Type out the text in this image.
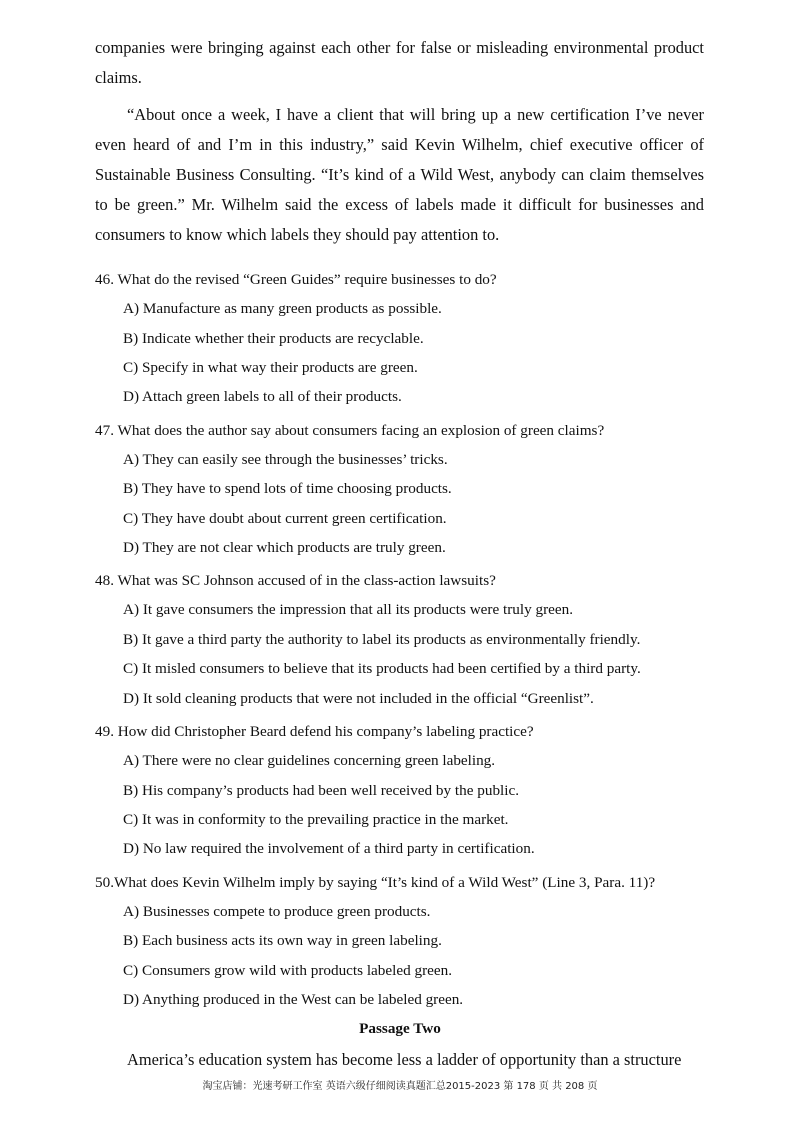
companies were bringing against each other for false or misleading environmental product claims.
“About once a week, I have a client that will bring up a new certification I’ve never even heard of and I’m in this industry,” said Kevin Wilhelm, chief executive officer of Sustainable Business Consulting. “It’s kind of a Wild West, anybody can claim themselves to be green.” Mr. Wilhelm said the excess of labels made it difficult for businesses and consumers to know which labels they should pay attention to.
46. What do the revised “Green Guides” require businesses to do?
A) Manufacture as many green products as possible.
B) Indicate whether their products are recyclable.
C) Specify in what way their products are green.
D) Attach green labels to all of their products.
47. What does the author say about consumers facing an explosion of green claims?
A) They can easily see through the businesses’ tricks.
B) They have to spend lots of time choosing products.
C) They have doubt about current green certification.
D) They are not clear which products are truly green.
48. What was SC Johnson accused of in the class-action lawsuits?
A) It gave consumers the impression that all its products were truly green.
B) It gave a third party the authority to label its products as environmentally friendly.
C) It misled consumers to believe that its products had been certified by a third party.
D) It sold cleaning products that were not included in the official “Greenlist”.
49. How did Christopher Beard defend his company’s labeling practice?
A) There were no clear guidelines concerning green labeling.
B) His company’s products had been well received by the public.
C) It was in conformity to the prevailing practice in the market.
D) No law required the involvement of a third party in certification.
50.What does Kevin Wilhelm imply by saying “It’s kind of a Wild West” (Line 3, Para. 11)?
A) Businesses compete to produce green products.
B) Each business acts its own way in green labeling.
C) Consumers grow wild with products labeled green.
D) Anything produced in the West can be labeled green.
Passage Two
America’s education system has become less a ladder of opportunity than a structure
淘宝店铺：光速考研工作室 英语六级仔细阅读真题汇总2015-2023 第 178 页 共 208 页
